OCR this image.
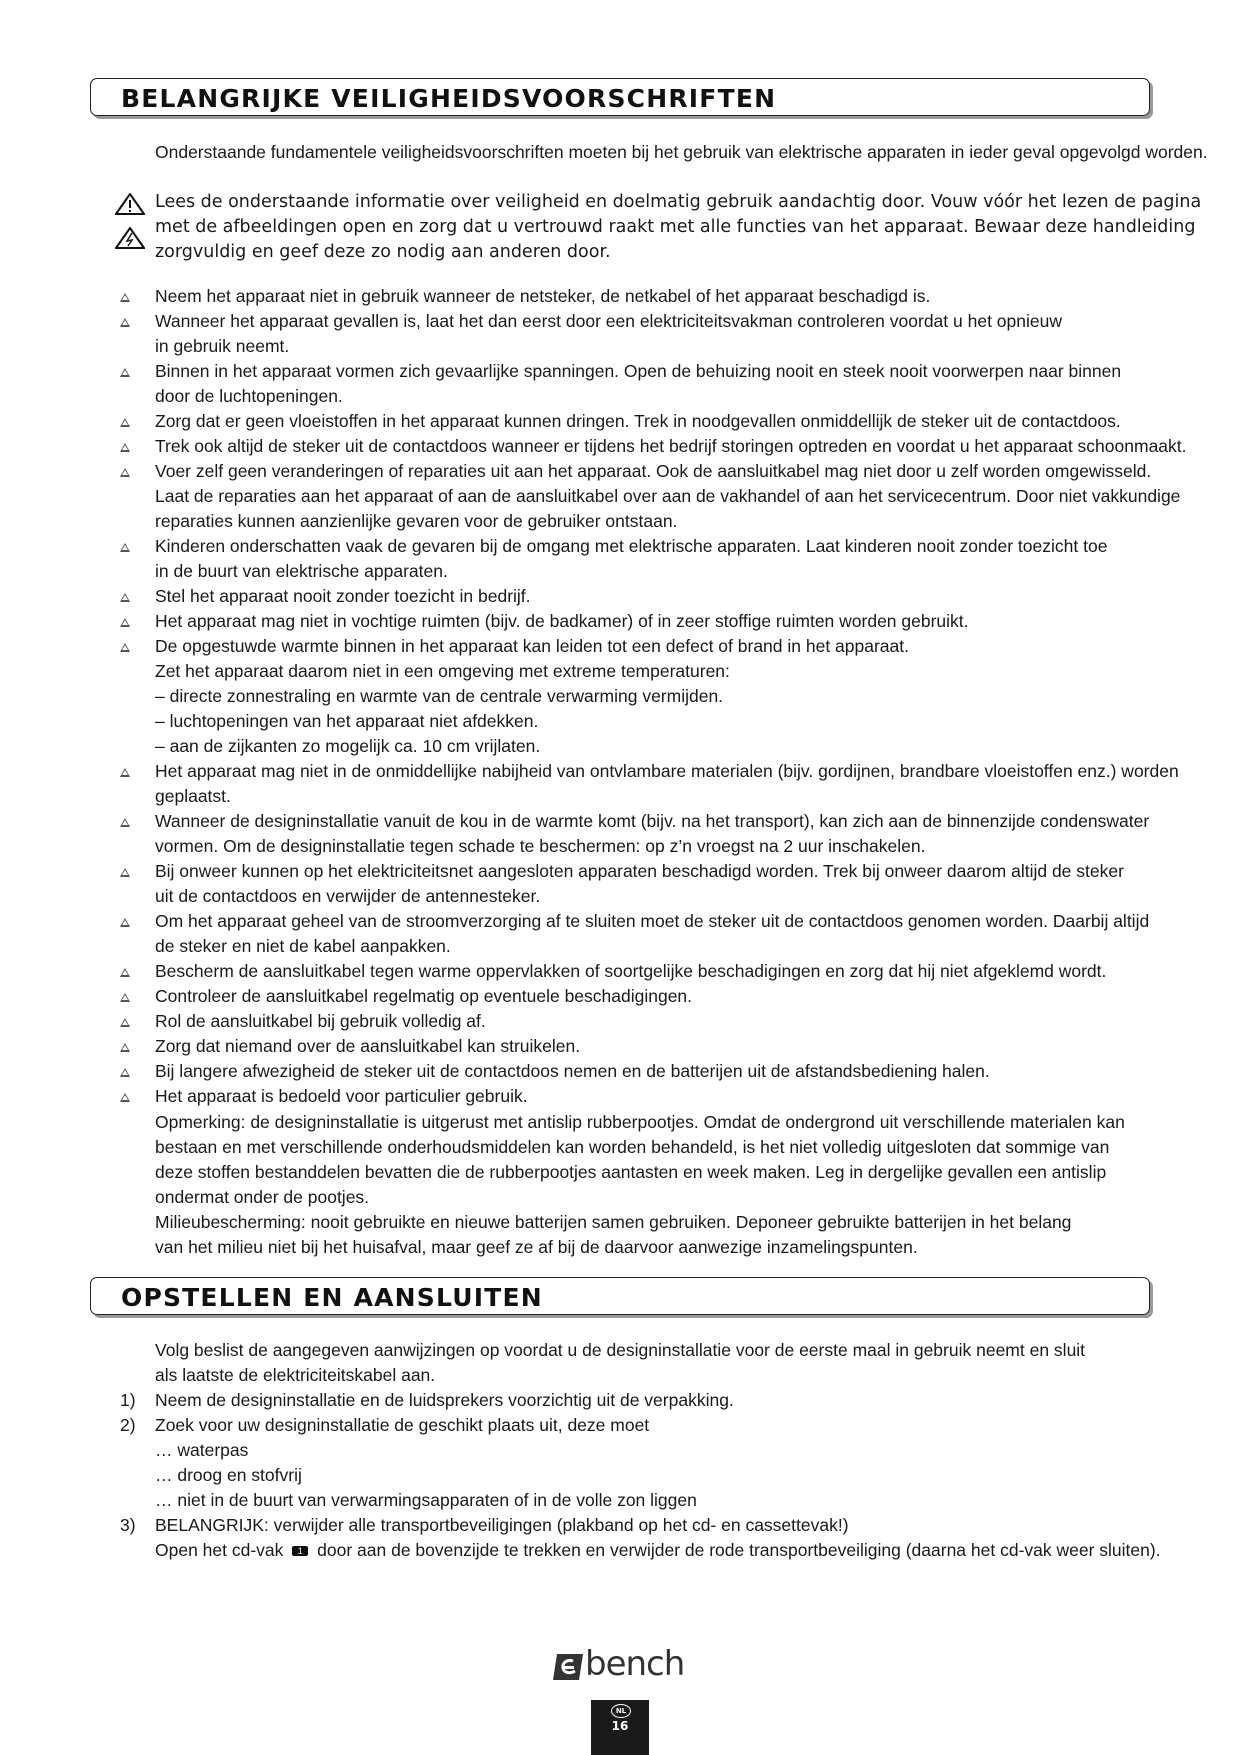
BELANGRIJKE VEILIGHEIDSVOORSCHRIFTEN
Onderstaande fundamentele veiligheidsvoorschriften moeten bij het gebruik van elektrische apparaten in ieder geval opgevolgd worden.
Lees de onderstaande informatie over veiligheid en doelmatig gebruik aandachtig door. Vouw vóór het lezen de pagina
met de afbeeldingen open en zorg dat u vertrouwd raakt met alle functies van het apparaat. Bewaar deze handleiding
zorgvuldig en geef deze zo nodig aan anderen door.
Neem het apparaat niet in gebruik wanneer de netsteker, de netkabel of het apparaat beschadigd is.
Wanneer het apparaat gevallen is, laat het dan eerst door een elektriciteitsvakman controleren voordat u het opnieuw
in gebruik neemt.
Binnen in het apparaat vormen zich gevaarlijke spanningen. Open de behuizing nooit en steek nooit voorwerpen naar binnen
door de luchtopeningen.
Zorg dat er geen vloeistoffen in het apparaat kunnen dringen. Trek in noodgevallen onmiddellijk de steker uit de contactdoos.
Trek ook altijd de steker uit de contactdoos wanneer er tijdens het bedrijf storingen optreden en voordat u het apparaat schoonmaakt.
Voer zelf geen veranderingen of reparaties uit aan het apparaat. Ook de aansluitkabel mag niet door u zelf worden omgewisseld.
Laat de reparaties aan het apparaat of aan de aansluitkabel over aan de vakhandel of aan het servicecentrum. Door niet vakkundige
reparaties kunnen aanzienlijke gevaren voor de gebruiker ontstaan.
Kinderen onderschatten vaak de gevaren bij de omgang met elektrische apparaten. Laat kinderen nooit zonder toezicht toe
in de buurt van elektrische apparaten.
Stel het apparaat nooit zonder toezicht in bedrijf.
Het apparaat mag niet in vochtige ruimten (bijv. de badkamer) of in zeer stoffige ruimten worden gebruikt.
De opgestuwde warmte binnen in het apparaat kan leiden tot een defect of brand in het apparaat.
Zet het apparaat daarom niet in een omgeving met extreme temperaturen:
– directe zonnestraling en warmte van de centrale verwarming vermijden.
– luchtopeningen van het apparaat niet afdekken.
– aan de zijkanten zo mogelijk ca. 10 cm vrijlaten.
Het apparaat mag niet in de onmiddellijke nabijheid van ontvlambare materialen (bijv. gordijnen, brandbare vloeistoffen enz.) worden
geplaatst.
Wanneer de designinstallatie vanuit de kou in de warmte komt (bijv. na het transport), kan zich aan de binnenzijde condenswater
vormen. Om de designinstallatie tegen schade te beschermen: op z’n vroegst na 2 uur inschakelen.
Bij onweer kunnen op het elektriciteitsnet aangesloten apparaten beschadigd worden. Trek bij onweer daarom altijd de steker
uit de contactdoos en verwijder de antennesteker.
Om het apparaat geheel van de stroomverzorging af te sluiten moet de steker uit de contactdoos genomen worden. Daarbij altijd
de steker en niet de kabel aanpakken.
Bescherm de aansluitkabel tegen warme oppervlakken of soortgelijke beschadigingen en zorg dat hij niet afgeklemd wordt.
Controleer de aansluitkabel regelmatig op eventuele beschadigingen.
Rol de aansluitkabel bij gebruik volledig af.
Zorg dat niemand over de aansluitkabel kan struikelen.
Bij langere afwezigheid de steker uit de contactdoos nemen en de batterijen uit de afstandsbediening halen.
Het apparaat is bedoeld voor particulier gebruik.
Opmerking: de designinstallatie is uitgerust met antislip rubberpootjes. Omdat de ondergrond uit verschillende materialen kan
bestaan en met verschillende onderhoudsmiddelen kan worden behandeld, is het niet volledig uitgesloten dat sommige van
deze stoffen bestanddelen bevatten die de rubberpootjes aantasten en week maken. Leg in dergelijke gevallen een antislip
ondermat onder de pootjes.
Milieubescherming: nooit gebruikte en nieuwe batterijen samen gebruiken. Deponeer gebruikte batterijen in het belang
van het milieu niet bij het huisafval, maar geef ze af bij de daarvoor aanwezige inzamelingspunten.
OPSTELLEN EN AANSLUITEN
Volg beslist de aangegeven aanwijzingen op voordat u de designinstallatie voor de eerste maal in gebruik neemt en sluit
als laatste de elektriciteitskabel aan.
1) Neem de designinstallatie en de luidsprekers voorzichtig uit de verpakking.
2) Zoek voor uw designinstallatie de geschikt plaats uit, deze moet
… waterpas
… droog en stofvrij
… niet in de buurt van verwarmingsapparaten of in de volle zon liggen
3) BELANGRIJK: verwijder alle transportbeveiligingen (plakband op het cd- en cassettevak!)
Open het cd-vak 1 door aan de bovenzijde te trekken en verwijder de rode transportbeveiliging (daarna het cd-vak weer sluiten).
bench
NL
16
